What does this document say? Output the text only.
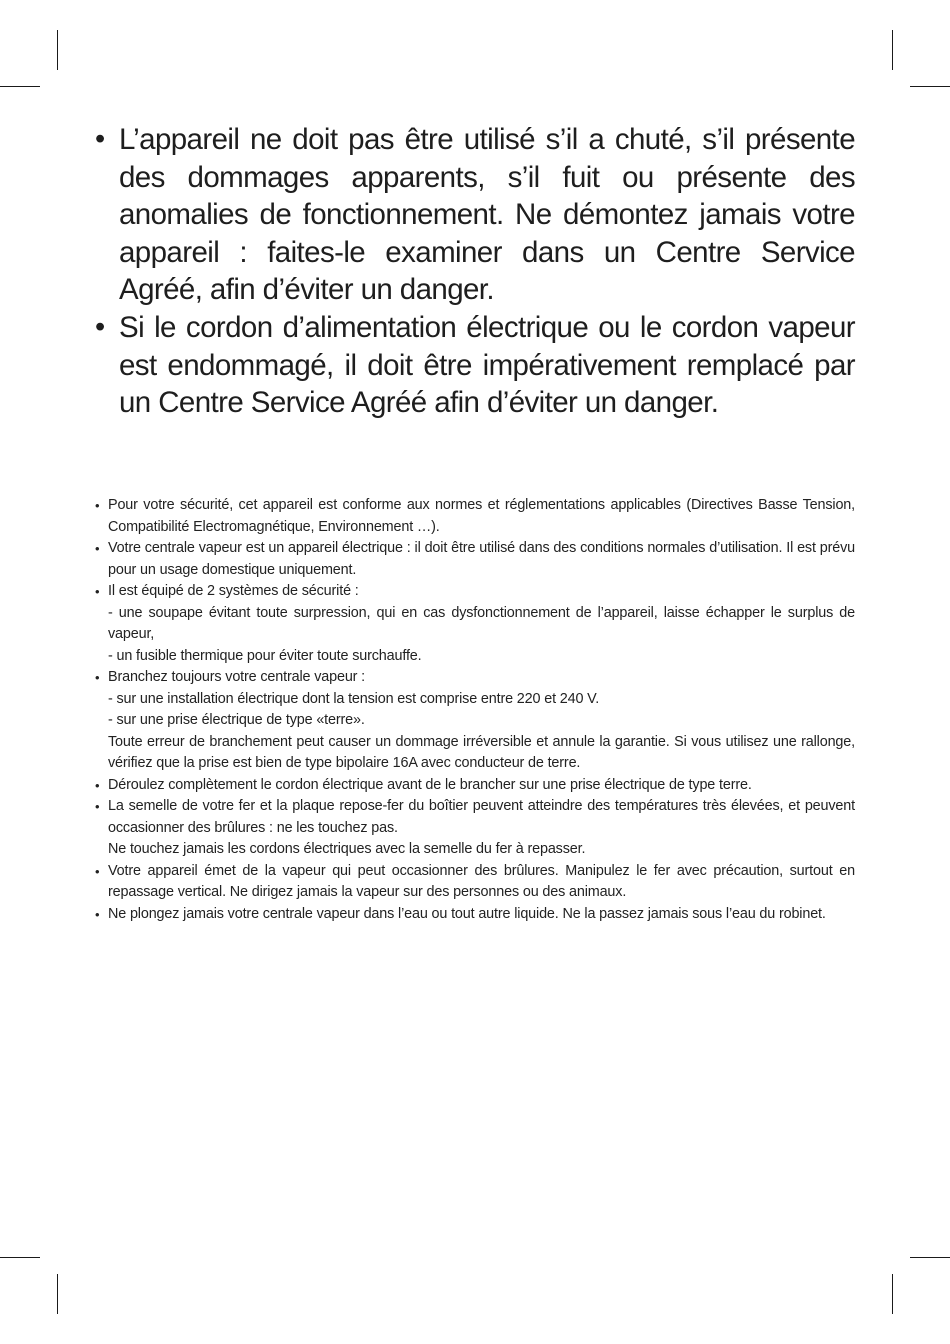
• L’appareil ne doit pas être utilisé s’il a chuté, s’il présente des dommages apparents, s’il fuit ou présente des anomalies de fonctionnement. Ne démontez jamais votre appareil : faites-le examiner dans un Centre Service Agréé, afin d’éviter un danger.
• Si le cordon d’alimentation électrique ou le cordon vapeur est endommagé, il doit être impérativement remplacé par un Centre Service Agréé afin d’éviter un danger.
• Pour votre sécurité, cet appareil est conforme aux normes et réglementations applicables (Directives Basse Tension, Compatibilité Electromagnétique, Environnement …).
• Votre centrale vapeur est un appareil électrique : il doit être utilisé dans des conditions normales d’utilisation. Il est prévu pour un usage domestique uniquement.
• Il est équipé de 2 systèmes de sécurité :
- une soupape évitant toute surpression, qui en cas dysfonctionnement de l’appareil, laisse échapper le surplus de vapeur,
- un fusible thermique pour éviter toute surchauffe.
• Branchez toujours votre centrale vapeur :
- sur une installation électrique dont la tension est comprise entre 220 et 240 V.
- sur une prise électrique de type «terre».
Toute erreur de branchement peut causer un dommage irréversible et annule la garantie. Si vous utilisez une rallonge, vérifiez que la prise est bien de type bipolaire 16A avec conducteur de terre.
• Déroulez complètement le cordon électrique avant de le brancher sur une prise électrique de type terre.
• La semelle de votre fer et la plaque repose-fer du boîtier peuvent atteindre des températures très élevées, et peuvent occasionner des brûlures : ne les touchez pas.
Ne touchez jamais les cordons électriques avec la semelle du fer à repasser.
• Votre appareil émet de la vapeur qui peut occasionner des brûlures. Manipulez le fer avec précaution, surtout en repassage vertical. Ne dirigez jamais la vapeur sur des personnes ou des animaux.
• Ne plongez jamais votre centrale vapeur dans l’eau ou tout autre liquide. Ne la passez jamais sous l’eau du robinet.
